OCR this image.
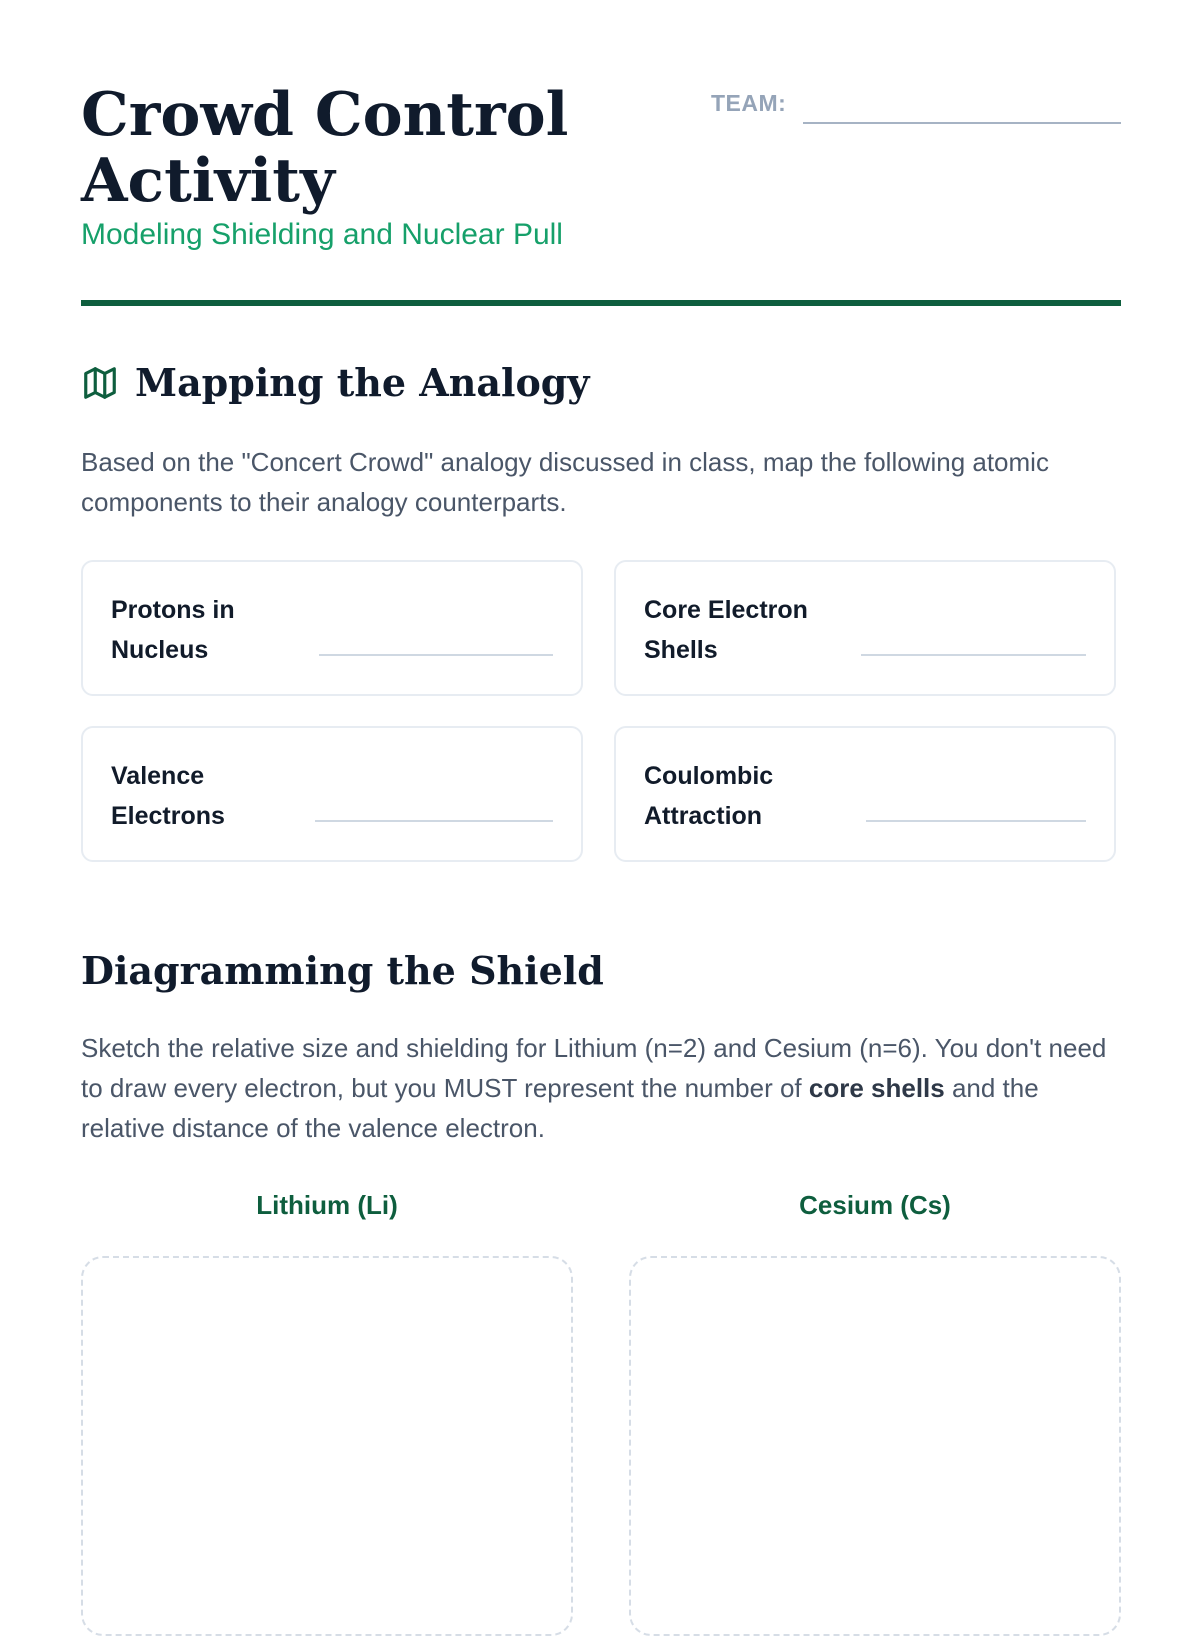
Crowd Control Activity
Modeling Shielding and Nuclear Pull
TEAM:
Mapping the Analogy

Based on the "Concert Crowd" analogy discussed in class, map the following atomic components to their analogy counterparts.

Protons in Nucleus
Core Electron Shells
Valence Electrons
Coulombic Attraction
Diagramming the Shield

Sketch the relative size and shielding for Lithium (n=2) and Cesium (n=6). You don't need to draw every electron, but you MUST represent the number of core shells and the relative distance of the valence electron.

Lithium (Li)	Cesium (Cs)
